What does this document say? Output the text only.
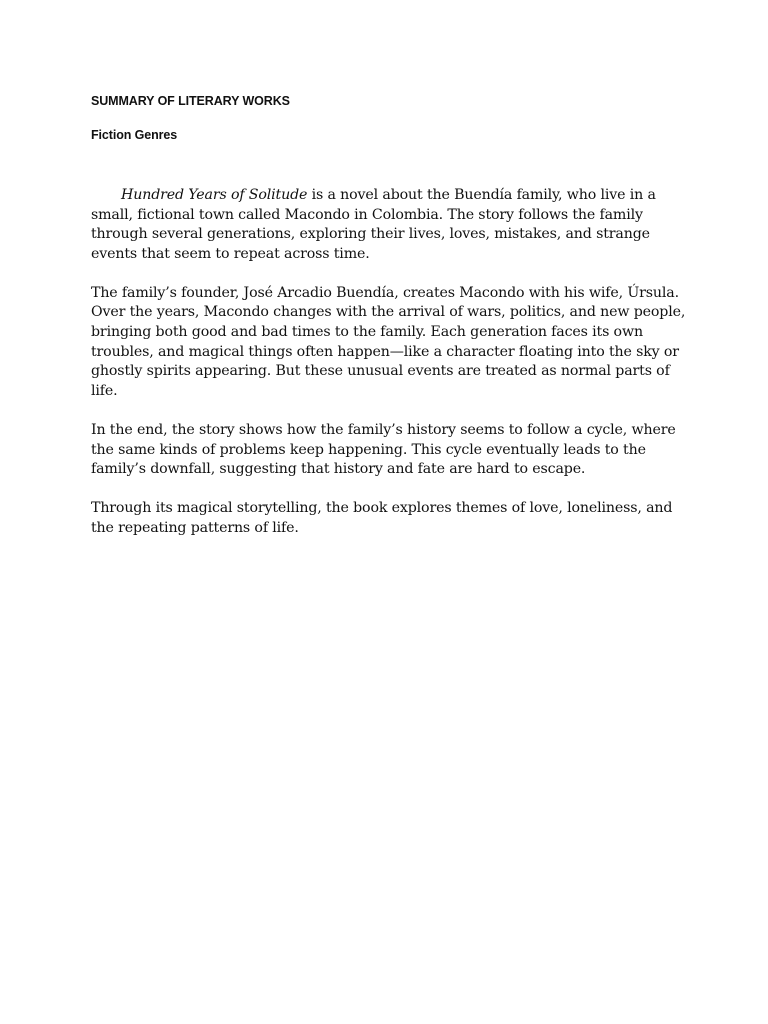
SUMMARY OF LITERARY WORKS

Fiction Genres

Hundred Years of Solitude is a novel about the Buendía family, who live in a
small, fictional town called Macondo in Colombia. The story follows the family
through several generations, exploring their lives, loves, mistakes, and strange
events that seem to repeat across time.

The family’s founder, José Arcadio Buendía, creates Macondo with his wife, Úrsula.
Over the years, Macondo changes with the arrival of wars, politics, and new people,
bringing both good and bad times to the family. Each generation faces its own
troubles, and magical things often happen—like a character floating into the sky or
ghostly spirits appearing. But these unusual events are treated as normal parts of
life.

In the end, the story shows how the family’s history seems to follow a cycle, where
the same kinds of problems keep happening. This cycle eventually leads to the
family’s downfall, suggesting that history and fate are hard to escape.

Through its magical storytelling, the book explores themes of love, loneliness, and
the repeating patterns of life.
